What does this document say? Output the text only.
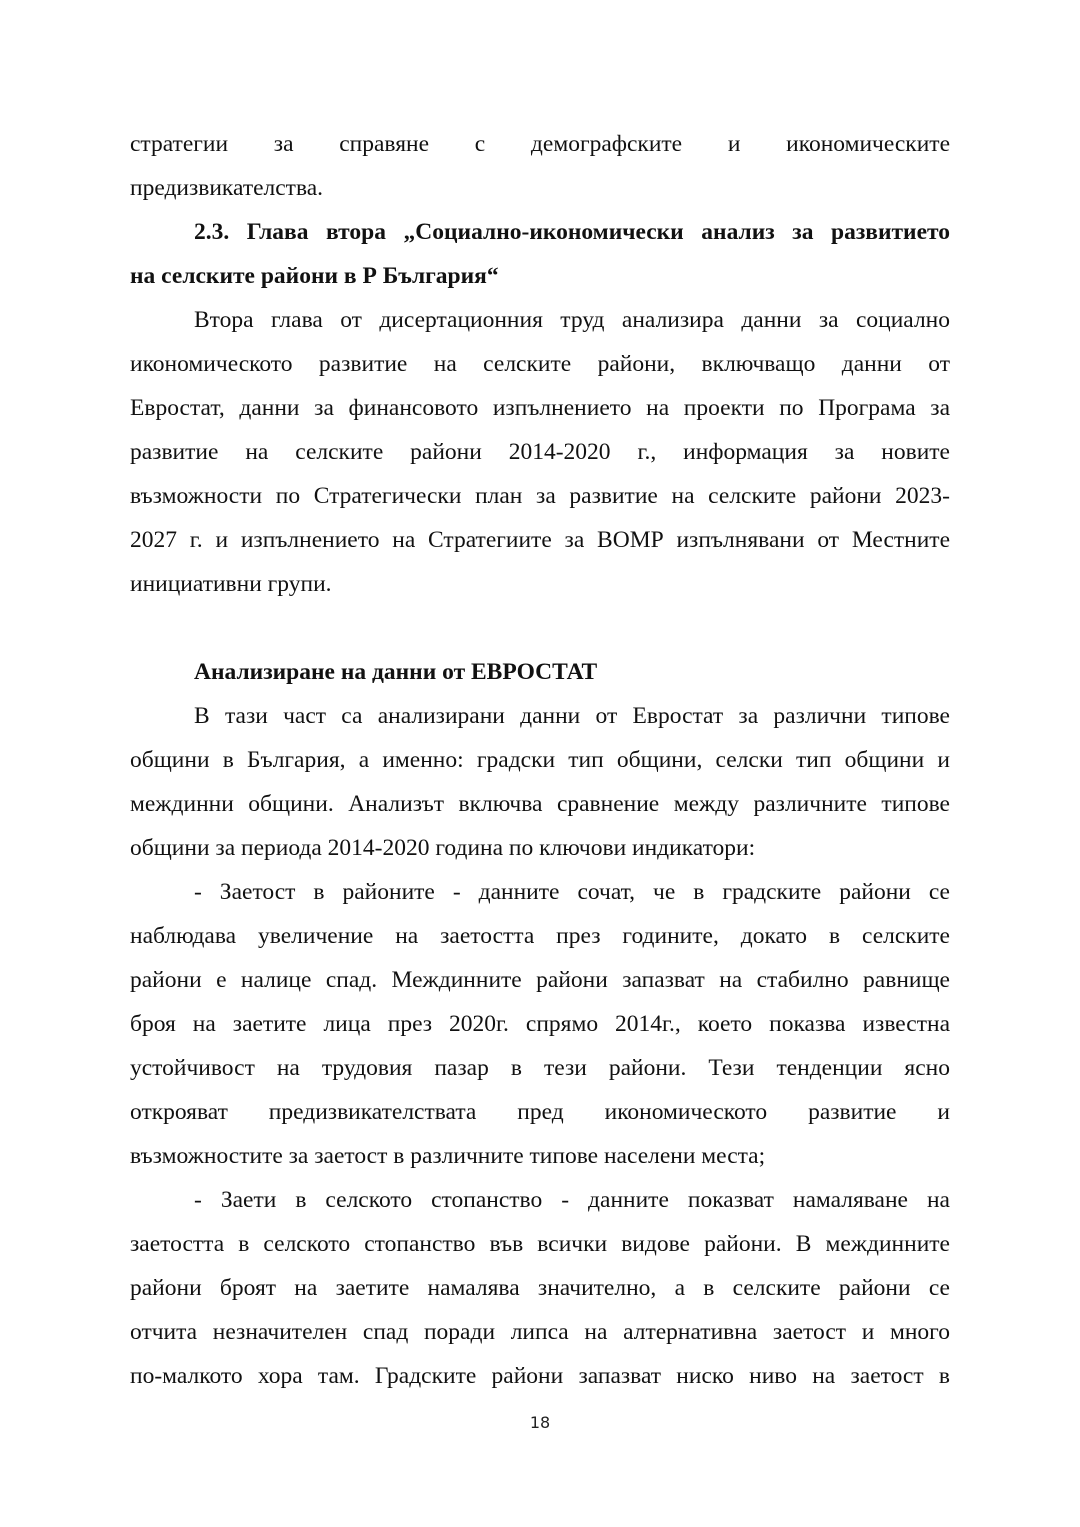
стратегии за справяне с демографските и икономическите
предизвикателства.
2.3. Глава втора „Социално-икономически анализ за развитието
на селските райони в Р България“
Втора глава от дисертационния труд анализира данни за социално
икономическото развитие на селските райони, включващо данни от
Евростат, данни за финансовото изпълнението на проекти по Програма за
развитие на селските райони 2014-2020 г., информация за новите
възможности по Стратегически план за развитие на селските райони 2023-
2027 г. и изпълнението на Стратегиите за ВОМР изпълнявани от Местните
инициативни групи.
Анализиране на данни от ЕВРОСТАТ
В тази част са анализирани данни от Евростат за различни типове
общини в България, а именно: градски тип общини, селски тип общини и
междинни общини. Анализът включва сравнение между различните типове
общини за периода 2014-2020 година по ключови индикатори:
- Заетост в районите - данните сочат, че в градските райони се
наблюдава увеличение на заетостта през годините, докато в селските
райони е налице спад. Междинните райони запазват на стабилно равнище
броя на заетите лица през 2020г. спрямо 2014г., което показва известна
устойчивост на трудовия пазар в тези райони. Тези тенденции ясно
открояват предизвикателствата пред икономическото развитие и
възможностите за заетост в различните типове населени места;
- Заети в селското стопанство - данните показват намаляване на
заетостта в селското стопанство във всички видове райони. В междинните
райони броят на заетите намалява значително, а в селските райони се
отчита незначителен спад поради липса на алтернативна заетост и много
по-малкото хора там. Градските райони запазват ниско ниво на заетост в
18
